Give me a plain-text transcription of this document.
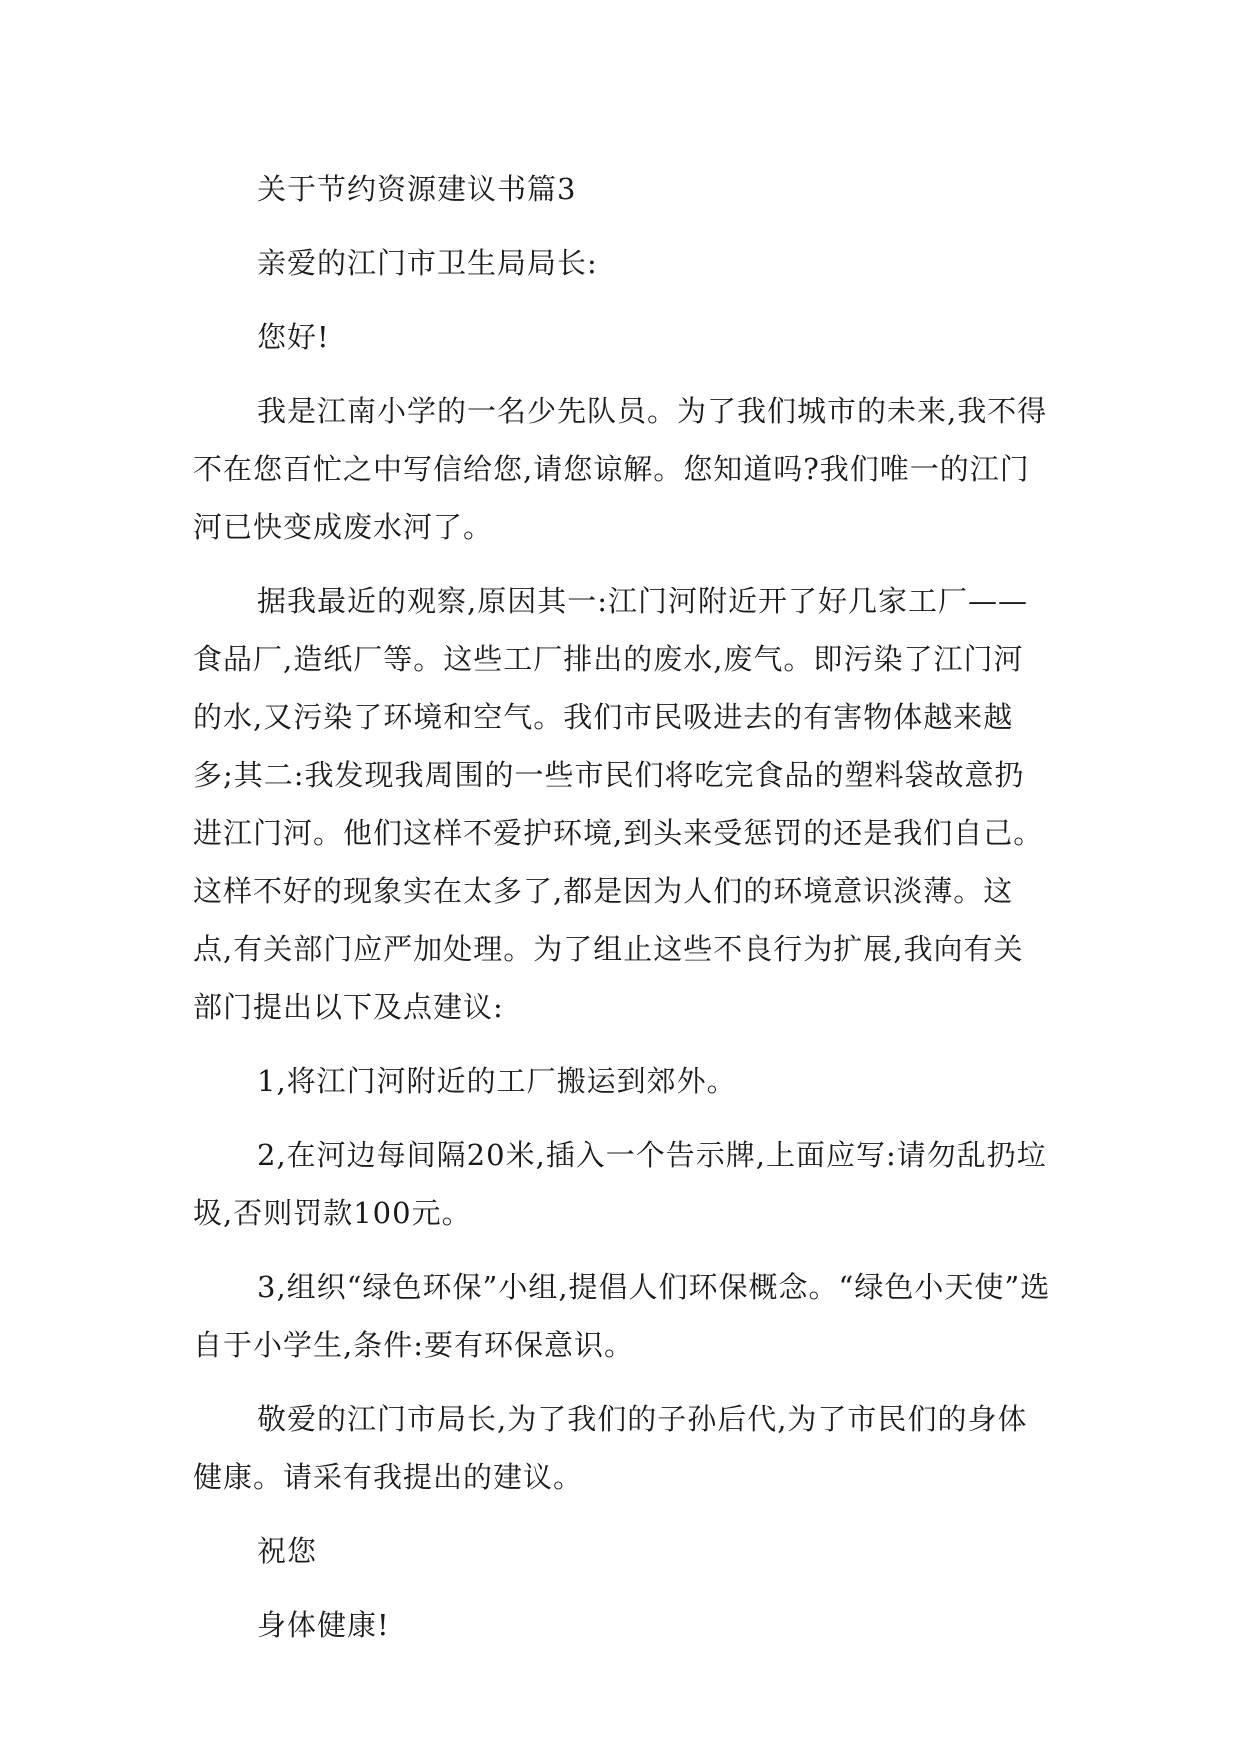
关于节约资源建议书篇3

亲爱的江门市卫生局局长:

您好!

我是江南小学的一名少先队员。为了我们城市的未来,我不得不在您百忙之中写信给您,请您谅解。您知道吗?我们唯一的江门河已快变成废水河了。

据我最近的观察,原因其一:江门河附近开了好几家工厂——食品厂,造纸厂等。这些工厂排出的废水,废气。即污染了江门河的水,又污染了环境和空气。我们市民吸进去的有害物体越来越多;其二:我发现我周围的一些市民们将吃完食品的塑料袋故意扔进江门河。他们这样不爱护环境,到头来受惩罚的还是我们自己。这样不好的现象实在太多了,都是因为人们的环境意识淡薄。这点,有关部门应严加处理。为了组止这些不良行为扩展,我向有关部门提出以下及点建议:

1,将江门河附近的工厂搬运到郊外。

2,在河边每间隔20米,插入一个告示牌,上面应写:请勿乱扔垃圾,否则罚款100元。

3,组织“绿色环保”小组,提倡人们环保概念。“绿色小天使”选自于小学生,条件:要有环保意识。

敬爱的江门市局长,为了我们的子孙后代,为了市民们的身体健康。请采有我提出的建议。

祝您

身体健康!
